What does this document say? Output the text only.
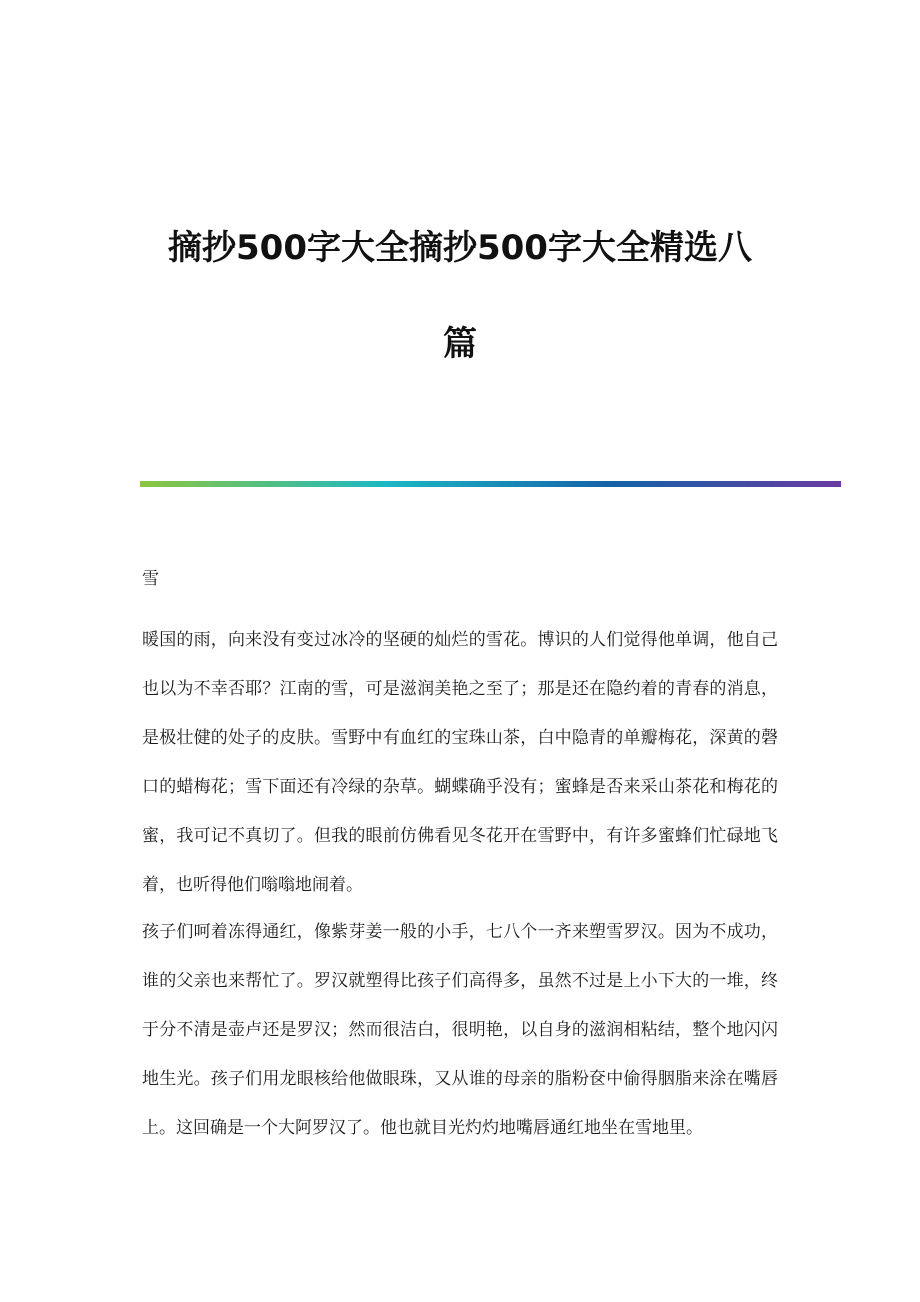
摘抄500字大全摘抄500字大全精选八
篇
雪
暖国的雨，向来没有变过冰冷的坚硬的灿烂的雪花。博识的人们觉得他单调，他自己也以为不幸否耶？江南的雪，可是滋润美艳之至了；那是还在隐约着的青春的消息，是极壮健的处子的皮肤。雪野中有血红的宝珠山茶，白中隐青的单瓣梅花，深黄的磬口的蜡梅花；雪下面还有冷绿的杂草。蝴蝶确乎没有；蜜蜂是否来采山茶花和梅花的蜜，我可记不真切了。但我的眼前仿佛看见冬花开在雪野中，有许多蜜蜂们忙碌地飞着，也听得他们嗡嗡地闹着。
孩子们呵着冻得通红，像紫芽姜一般的小手，七八个一齐来塑雪罗汉。因为不成功，谁的父亲也来帮忙了。罗汉就塑得比孩子们高得多，虽然不过是上小下大的一堆，终于分不清是壶卢还是罗汉；然而很洁白，很明艳，以自身的滋润相粘结，整个地闪闪地生光。孩子们用龙眼核给他做眼珠，又从谁的母亲的脂粉奁中偷得胭脂来涂在嘴唇上。这回确是一个大阿罗汉了。他也就目光灼灼地嘴唇通红地坐在雪地里。
